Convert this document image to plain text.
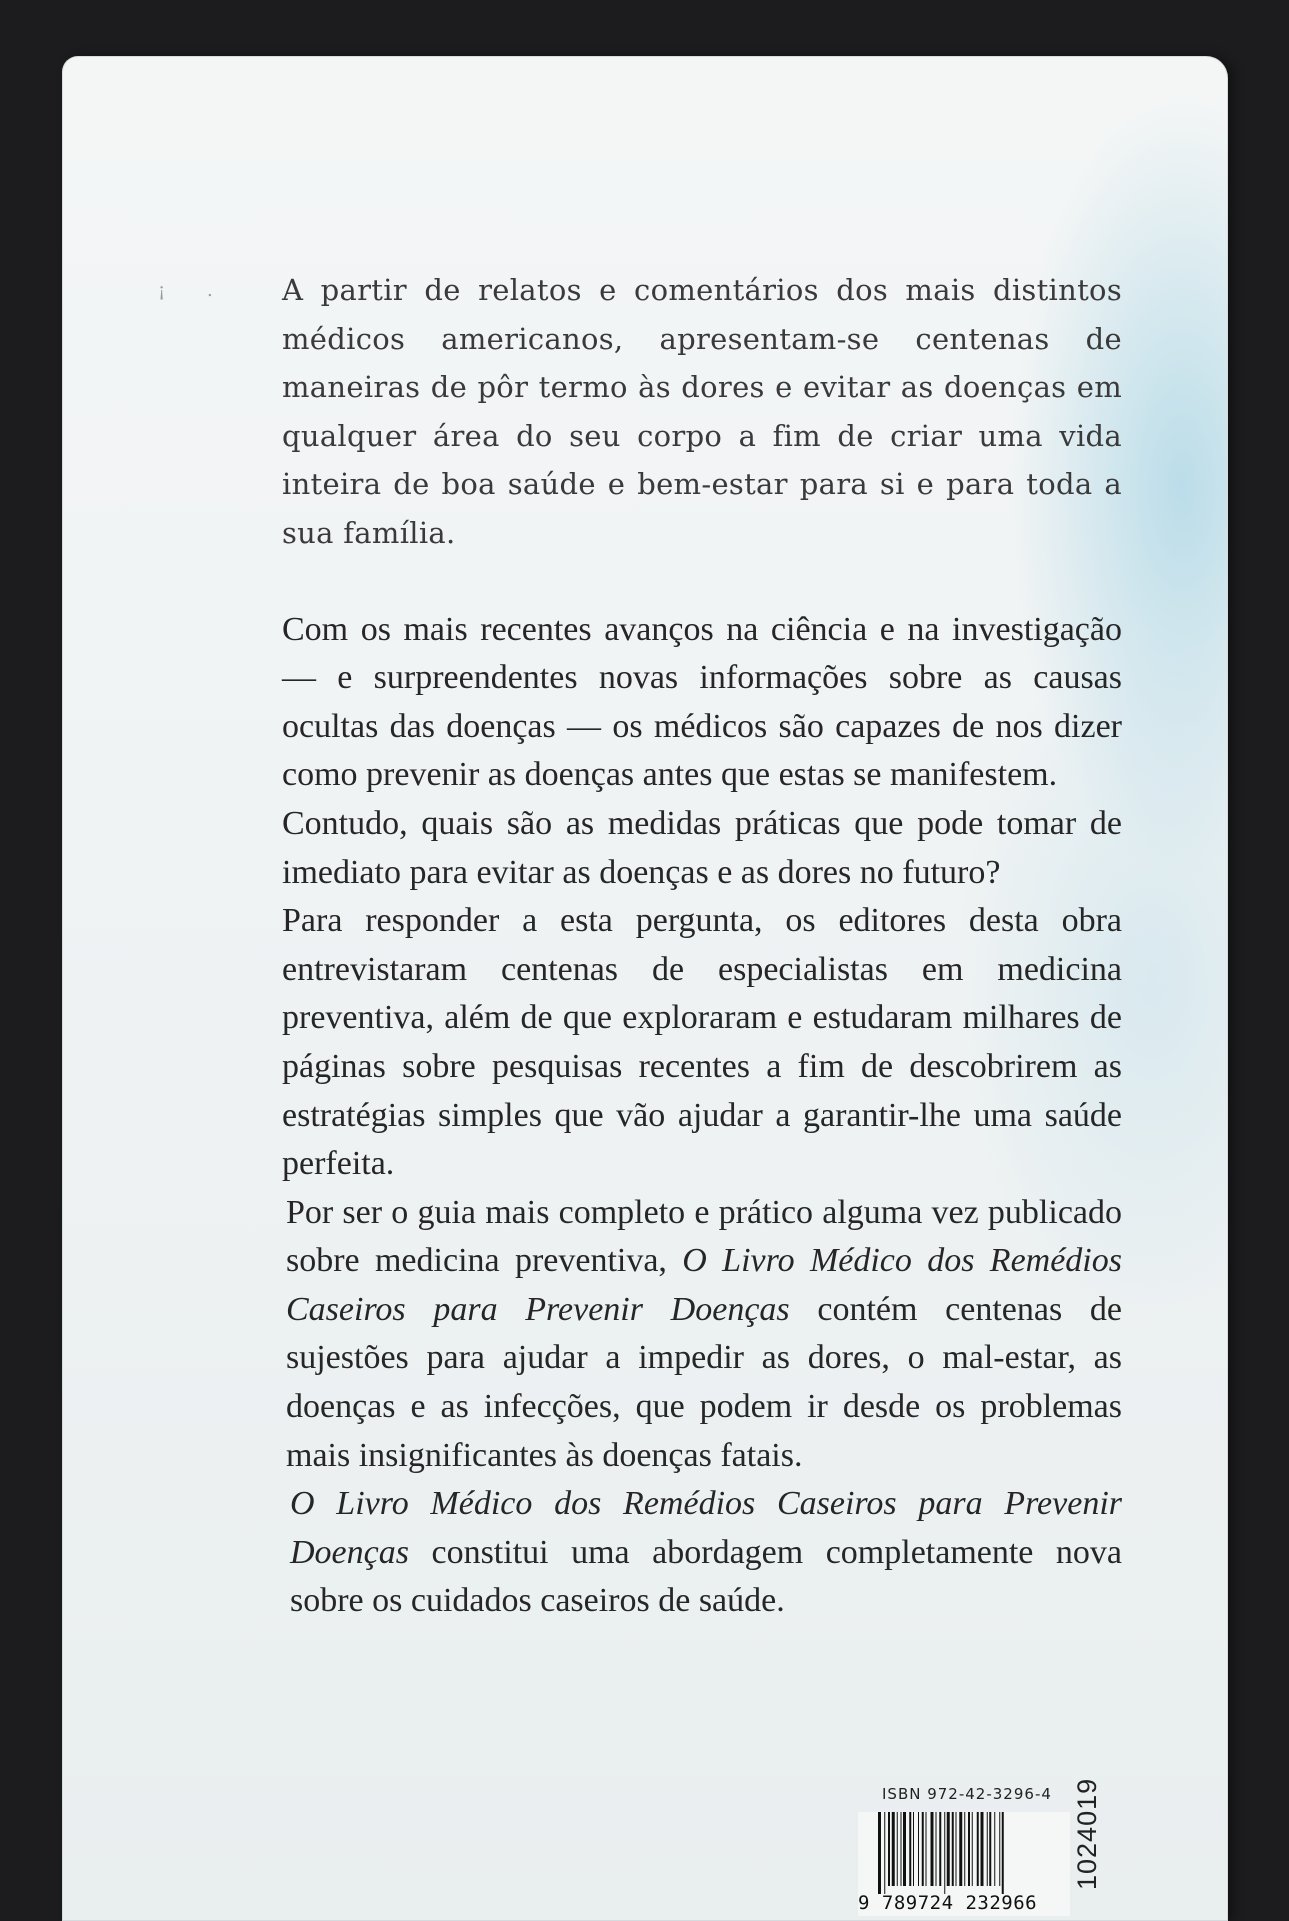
¡ . A partir de relatos e comentários dos mais distintos médicos americanos, apresentam-se centenas de maneiras de pôr termo às dores e evitar as doenças em qualquer área do seu corpo a fim de criar uma vida inteira de boa saúde e bem-estar para si e para toda a sua família.

Com os mais recentes avanços na ciência e na investigação — e surpreendentes novas informações sobre as causas ocultas das doenças — os médicos são capazes de nos dizer como prevenir as doenças antes que estas se manifestem.

Contudo, quais são as medidas práticas que pode tomar de imediato para evitar as doenças e as dores no futuro?

Para responder a esta pergunta, os editores desta obra entrevistaram centenas de especialistas em medicina preventiva, além de que exploraram e estudaram milhares de páginas sobre pesquisas recentes a fim de descobrirem as estratégias simples que vão ajudar a garantir-lhe uma saúde perfeita.

Por ser o guia mais completo e prático alguma vez publicado sobre medicina preventiva, O Livro Médico dos Remédios Caseiros para Prevenir Doenças contém centenas de sujestões para ajudar a impedir as dores, o mal-estar, as doenças e as infecções, que podem ir desde os problemas mais insignificantes às doenças fatais.

O Livro Médico dos Remédios Caseiros para Prevenir Doenças constitui uma abordagem completamente nova sobre os cuidados caseiros de saúde.

ISBN 972-42-3296-4
9 789724 232966
1024019
